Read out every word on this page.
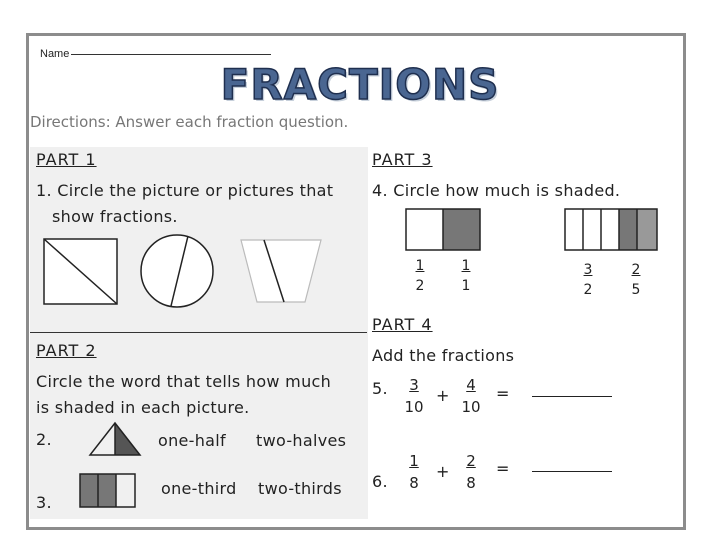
Name
FRACTIONS
Directions: Answer each fraction question.
PART 1
1. Circle the picture or pictures that
show fractions.
PART 2
Circle the word that tells how much
is shaded in each picture.
2.	one-half two-halves
3.
one-third two-thirds
PART 3
4. Circle how much is shaded.
$\frac{1}{2} \frac{1}{1}$	$\frac{3}{2} \frac{2}{5}$
PART 4
Add the fractions
5. $\frac{3}{10} + \frac{4}{10}$ =
6. $\frac{1}{8} + \frac{2}{8}$ =
